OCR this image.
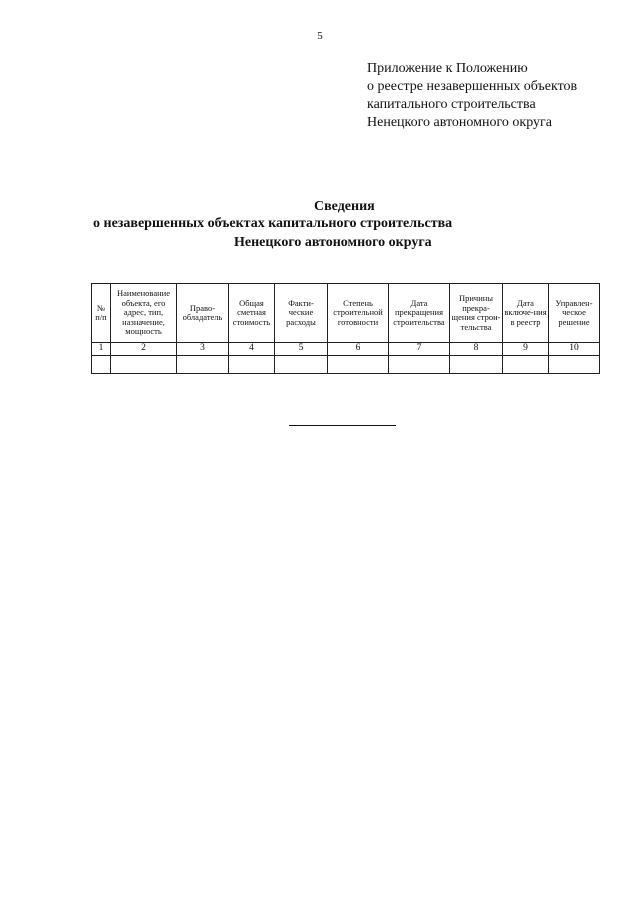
5
Приложение к Положению
о реестре незавершенных объектов
капитального строительства
Ненецкого автономного округа
Сведения
о незавершенных объектах капитального строительства
Ненецкого автономного округа
№ п/п	Наименование объекта, его адрес, тип, назначение, мощность	Право-обладатель	Общая сметная стоимость	Факти-ческие расходы	Степень строительной готовности	Дата прекращения строительства	Причины прекра-щения строи-тельства	Дата включе-ния в реестр	Управлен-ческое решение
1	2	3	4	5	6	7	8	9	10
